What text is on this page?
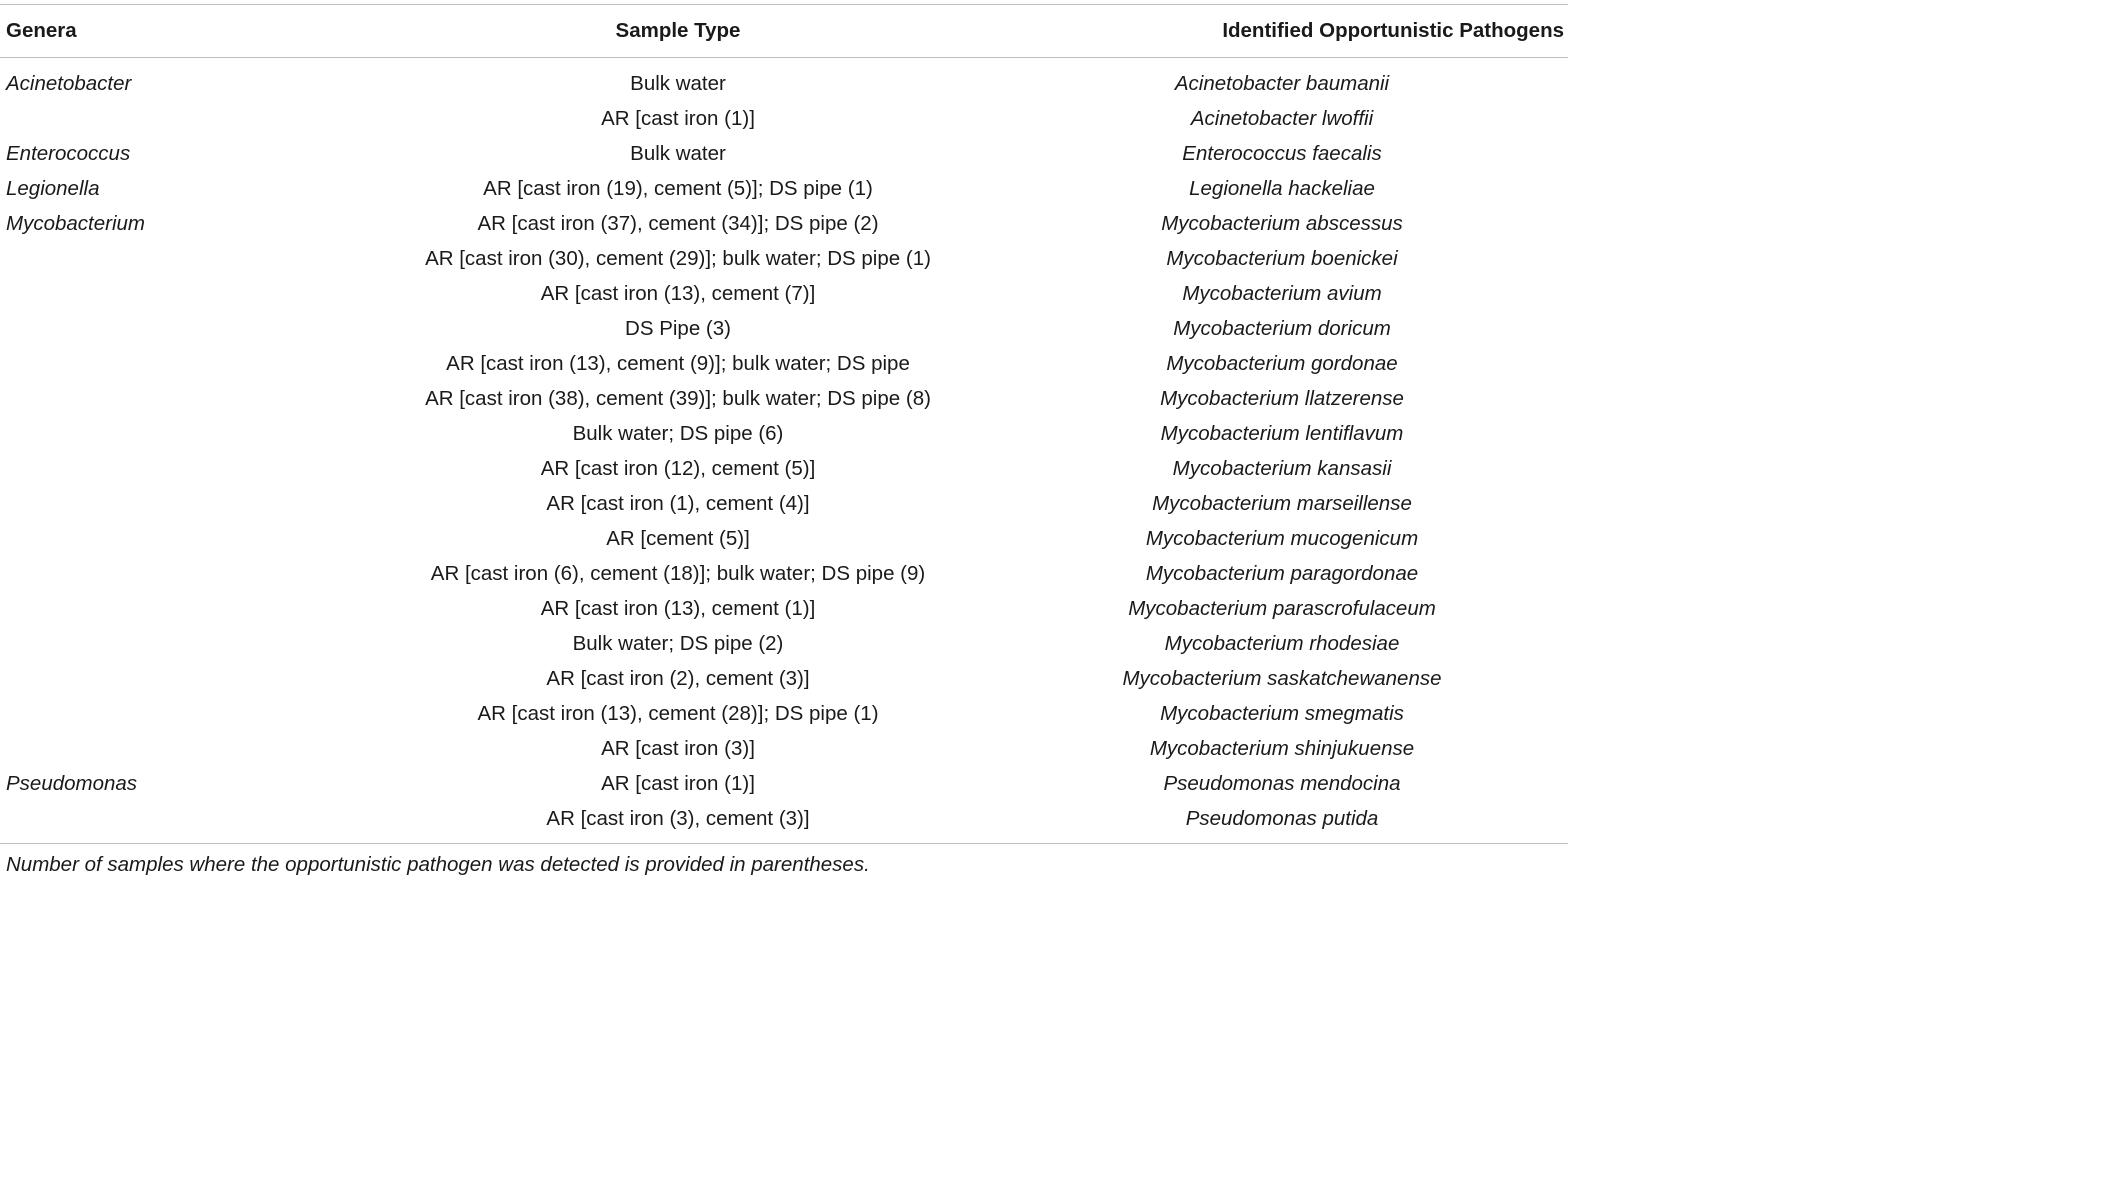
Genera	Sample Type	Identified Opportunistic Pathogens

Acinetobacter	Bulk water	Acinetobacter baumanii
	AR [cast iron (1)]	Acinetobacter lwoffii
Enterococcus	Bulk water	Enterococcus faecalis
Legionella	AR [cast iron (19), cement (5)]; DS pipe (1)	Legionella hackeliae
Mycobacterium	AR [cast iron (37), cement (34)]; DS pipe (2)	Mycobacterium abscessus
	AR [cast iron (30), cement (29)]; bulk water; DS pipe (1)	Mycobacterium boenickei
	AR [cast iron (13), cement (7)]	Mycobacterium avium
	DS Pipe (3)	Mycobacterium doricum
	AR [cast iron (13), cement (9)]; bulk water; DS pipe	Mycobacterium gordonae
	AR [cast iron (38), cement (39)]; bulk water; DS pipe (8)	Mycobacterium llatzerense
	Bulk water; DS pipe (6)	Mycobacterium lentiflavum
	AR [cast iron (12), cement (5)]	Mycobacterium kansasii
	AR [cast iron (1), cement (4)]	Mycobacterium marseillense
	AR [cement (5)]	Mycobacterium mucogenicum
	AR [cast iron (6), cement (18)]; bulk water; DS pipe (9)	Mycobacterium paragordonae
	AR [cast iron (13), cement (1)]	Mycobacterium parascrofulaceum
	Bulk water; DS pipe (2)	Mycobacterium rhodesiae
	AR [cast iron (2), cement (3)]	Mycobacterium saskatchewanense
	AR [cast iron (13), cement (28)]; DS pipe (1)	Mycobacterium smegmatis
	AR [cast iron (3)]	Mycobacterium shinjukuense
Pseudomonas	AR [cast iron (1)]	Pseudomonas mendocina
	AR [cast iron (3), cement (3)]	Pseudomonas putida
Number of samples where the opportunistic pathogen was detected is provided in parentheses.
